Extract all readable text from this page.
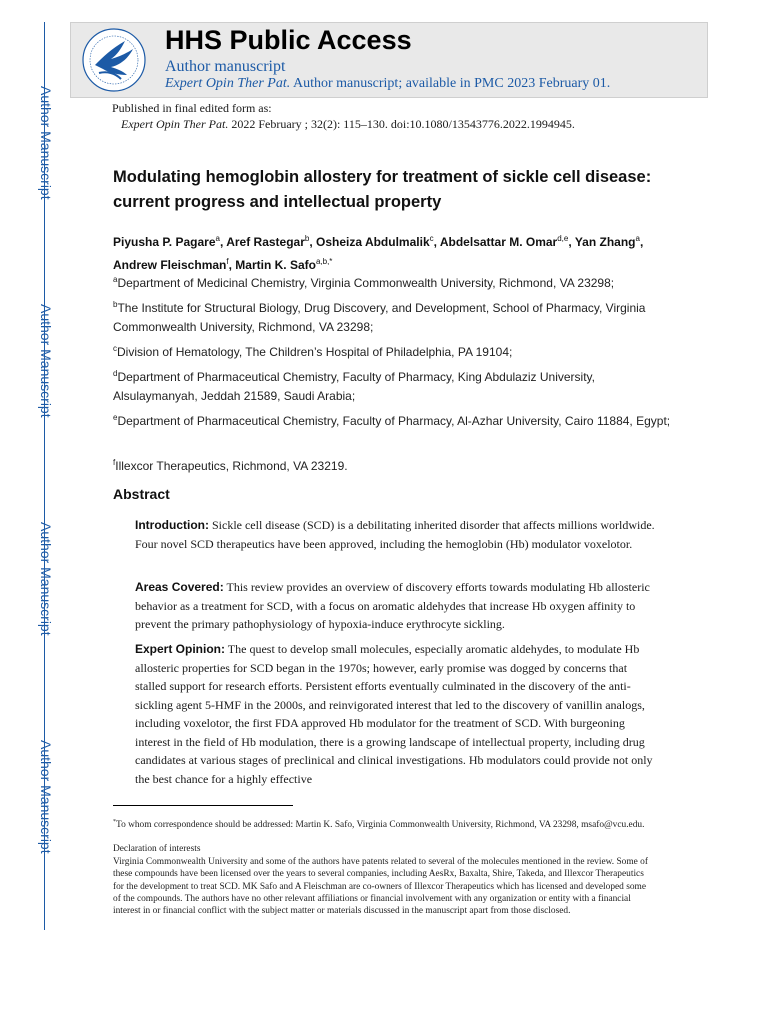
Author Manuscript
Author Manuscript
Author Manuscript
Author Manuscript
HHS Public Access
Author manuscript
Expert Opin Ther Pat. Author manuscript; available in PMC 2023 February 01.
Published in final edited form as:
Expert Opin Ther Pat. 2022 February ; 32(2): 115–130. doi:10.1080/13543776.2022.1994945.
Modulating hemoglobin allostery for treatment of sickle cell disease: current progress and intellectual property
Piyusha P. Pagare$^a$, Aref Rastegar$^b$, Osheiza Abdulmalik$^c$, Abdelsattar M. Omar$^{d,e}$, Yan Zhang$^a$, Andrew Fleischman$^f$, Martin K. Safo$^{a,b,*}$
$^a$Department of Medicinal Chemistry, Virginia Commonwealth University, Richmond, VA 23298;
$^b$The Institute for Structural Biology, Drug Discovery, and Development, School of Pharmacy, Virginia Commonwealth University, Richmond, VA 23298;
$^c$Division of Hematology, The Children’s Hospital of Philadelphia, PA 19104;
$^d$Department of Pharmaceutical Chemistry, Faculty of Pharmacy, King Abdulaziz University, Alsulaymanyah, Jeddah 21589, Saudi Arabia;
$^e$Department of Pharmaceutical Chemistry, Faculty of Pharmacy, Al-Azhar University, Cairo 11884, Egypt;
$^f$Illexcor Therapeutics, Richmond, VA 23219.
Abstract
Introduction: Sickle cell disease (SCD) is a debilitating inherited disorder that affects millions worldwide. Four novel SCD therapeutics have been approved, including the hemoglobin (Hb) modulator voxelotor.
Areas Covered: This review provides an overview of discovery efforts towards modulating Hb allosteric behavior as a treatment for SCD, with a focus on aromatic aldehydes that increase Hb oxygen affinity to prevent the primary pathophysiology of hypoxia-induce erythrocyte sickling.
Expert Opinion: The quest to develop small molecules, especially aromatic aldehydes, to modulate Hb allosteric properties for SCD began in the 1970s; however, early promise was dogged by concerns that stalled support for research efforts. Persistent efforts eventually culminated in the discovery of the anti-sickling agent 5-HMF in the 2000s, and reinvigorated interest that led to the discovery of vanillin analogs, including voxelotor, the first FDA approved Hb modulator for the treatment of SCD. With burgeoning interest in the field of Hb modulation, there is a growing landscape of intellectual property, including drug candidates at various stages of preclinical and clinical investigations. Hb modulators could provide not only the best chance for a highly effective
*To whom correspondence should be addressed: Martin K. Safo, Virginia Commonwealth University, Richmond, VA 23298, msafo@vcu.edu.
Declaration of interests
Virginia Commonwealth University and some of the authors have patents related to several of the molecules mentioned in the review. Some of these compounds have been licensed over the years to several companies, including AesRx, Baxalta, Shire, Takeda, and Illexcor Therapeutics for the development to treat SCD. MK Safo and A Fleischman are co-owners of Illexcor Therapeutics which has licensed and developed some of the compounds. The authors have no other relevant affiliations or financial involvement with any organization or entity with a financial interest in or financial conflict with the subject matter or materials discussed in the manuscript apart from those disclosed.
